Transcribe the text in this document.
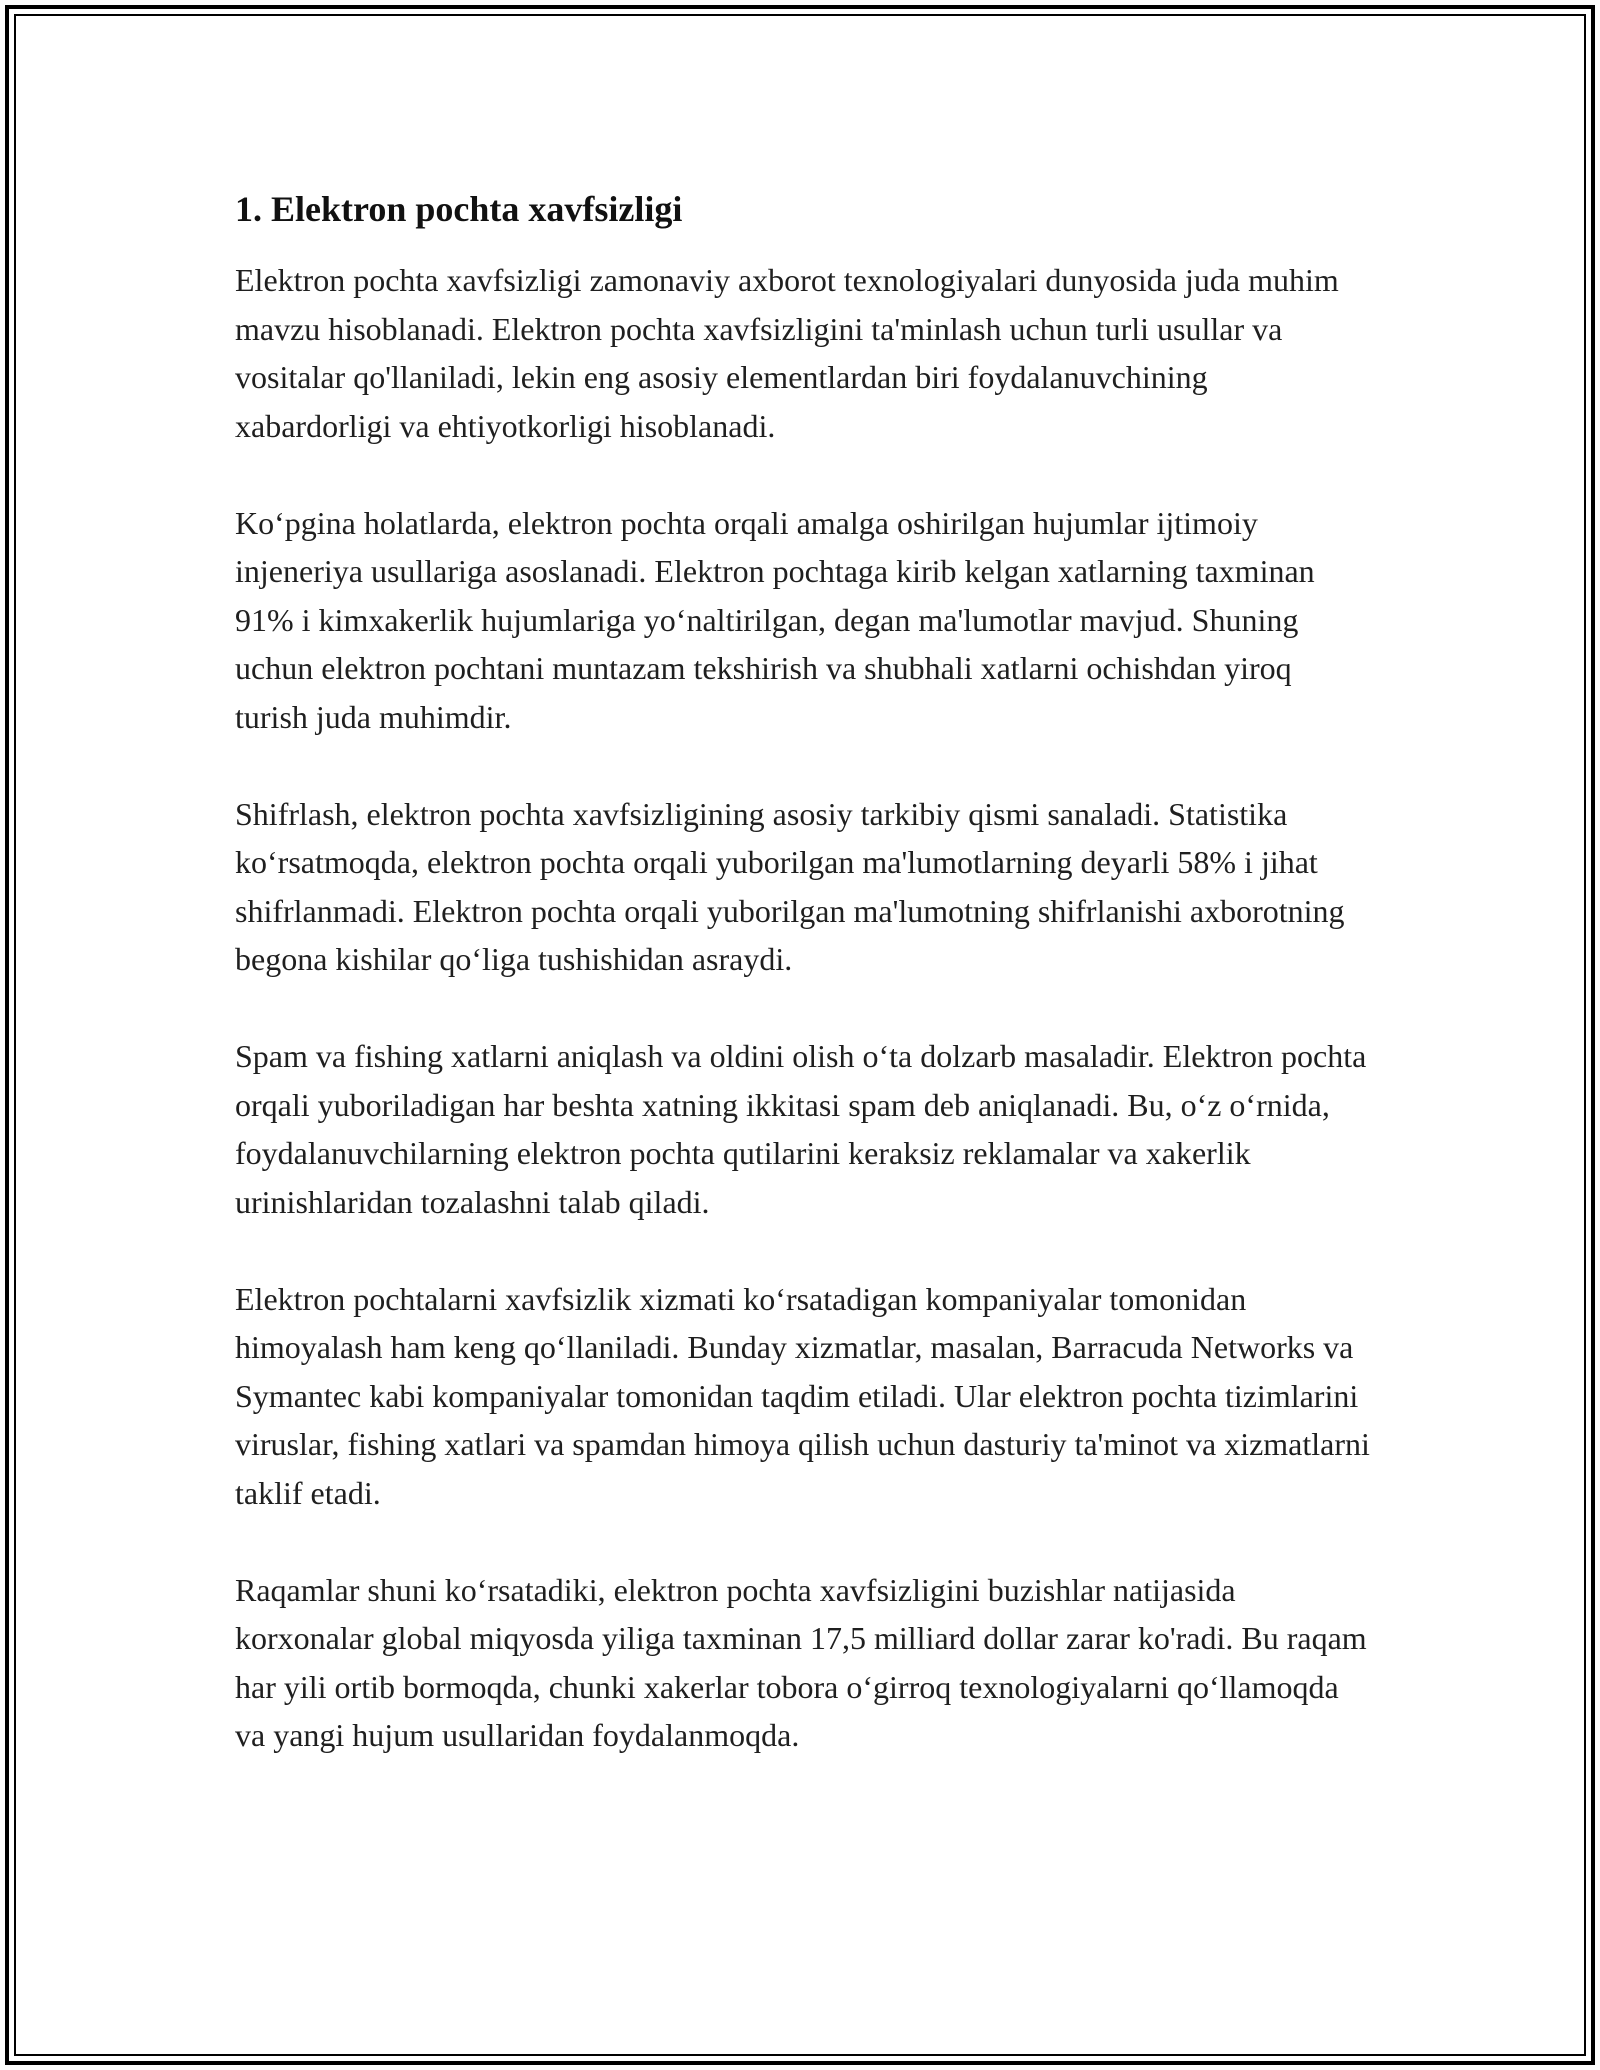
1. Elektron pochta xavfsizligi

Elektron pochta xavfsizligi zamonaviy axborot texnologiyalari dunyosida juda muhim mavzu hisoblanadi. Elektron pochta xavfsizligini ta'minlash uchun turli usullar va vositalar qo'llaniladi, lekin eng asosiy elementlardan biri foydalanuvchining xabardorligi va ehtiyotkorligi hisoblanadi.

Koʻpgina holatlarda, elektron pochta orqali amalga oshirilgan hujumlar ijtimoiy injeneriya usullariga asoslanadi. Elektron pochtaga kirib kelgan xatlarning taxminan 91% i kimxakerlik hujumlariga yoʻnaltirilgan, degan ma'lumotlar mavjud. Shuning uchun elektron pochtani muntazam tekshirish va shubhali xatlarni ochishdan yiroq turish juda muhimdir.

Shifrlash, elektron pochta xavfsizligining asosiy tarkibiy qismi sanaladi. Statistika koʻrsatmoqda, elektron pochta orqali yuborilgan ma'lumotlarning deyarli 58% i jihat shifrlanmadi. Elektron pochta orqali yuborilgan ma'lumotning shifrlanishi axborotning begona kishilar qoʻliga tushishidan asraydi.

Spam va fishing xatlarni aniqlash va oldini olish oʻta dolzarb masaladir. Elektron pochta orqali yuboriladigan har beshta xatning ikkitasi spam deb aniqlanadi. Bu, oʻz oʻrnida, foydalanuvchilarning elektron pochta qutilarini keraksiz reklamalar va xakerlik urinishlaridan tozalashni talab qiladi.

Elektron pochtalarni xavfsizlik xizmati koʻrsatadigan kompaniyalar tomonidan himoyalash ham keng qoʻllaniladi. Bunday xizmatlar, masalan, Barracuda Networks va Symantec kabi kompaniyalar tomonidan taqdim etiladi. Ular elektron pochta tizimlarini viruslar, fishing xatlari va spamdan himoya qilish uchun dasturiy ta'minot va xizmatlarni taklif etadi.

Raqamlar shuni koʻrsatadiki, elektron pochta xavfsizligini buzishlar natijasida korxonalar global miqyosda yiliga taxminan 17,5 milliard dollar zarar ko'radi. Bu raqam har yili ortib bormoqda, chunki xakerlar tobora oʻgirroq texnologiyalarni qoʻllamoqda va yangi hujum usullaridan foydalanmoqda.
